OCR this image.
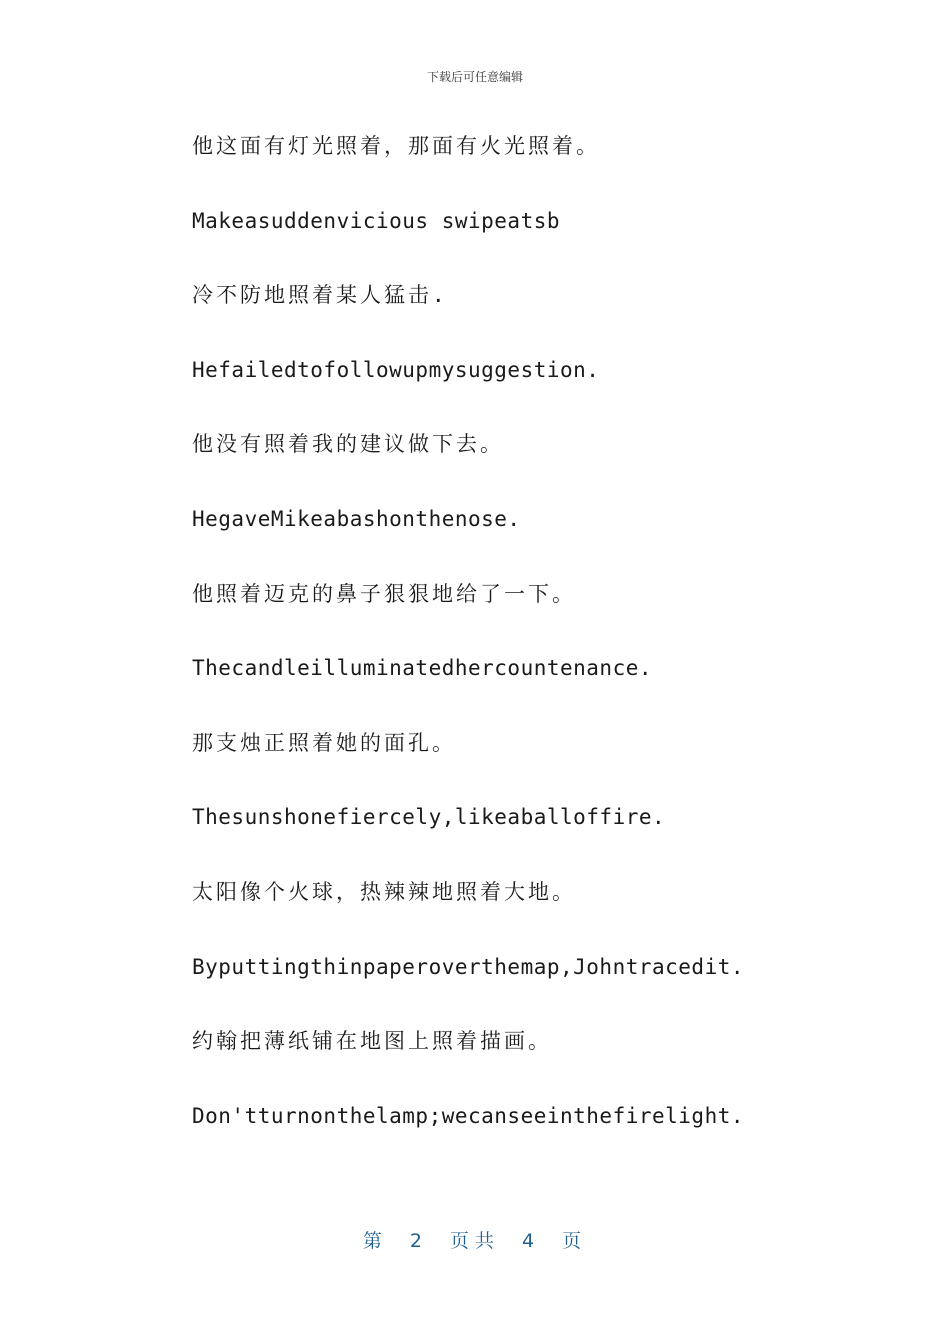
下载后可任意编辑
他这面有灯光照着，那面有火光照着。
Makeasuddenvicious swipeatsb
冷不防地照着某人猛击.
Hefailedtofollowupmysuggestion.
他没有照着我的建议做下去。
HegaveMikeabashonthenose.
他照着迈克的鼻子狠狠地给了一下。
Thecandleilluminatedhercountenance.
那支烛正照着她的面孔。
Thesunshonefiercely,likeaballoffire.
太阳像个火球，热辣辣地照着大地。
Byputtingthinpaperoverthemap,Johntracedit.
约翰把薄纸铺在地图上照着描画。
Don'tturnonthelamp;wecanseeinthefirelight.
第 2 页共 4 页
